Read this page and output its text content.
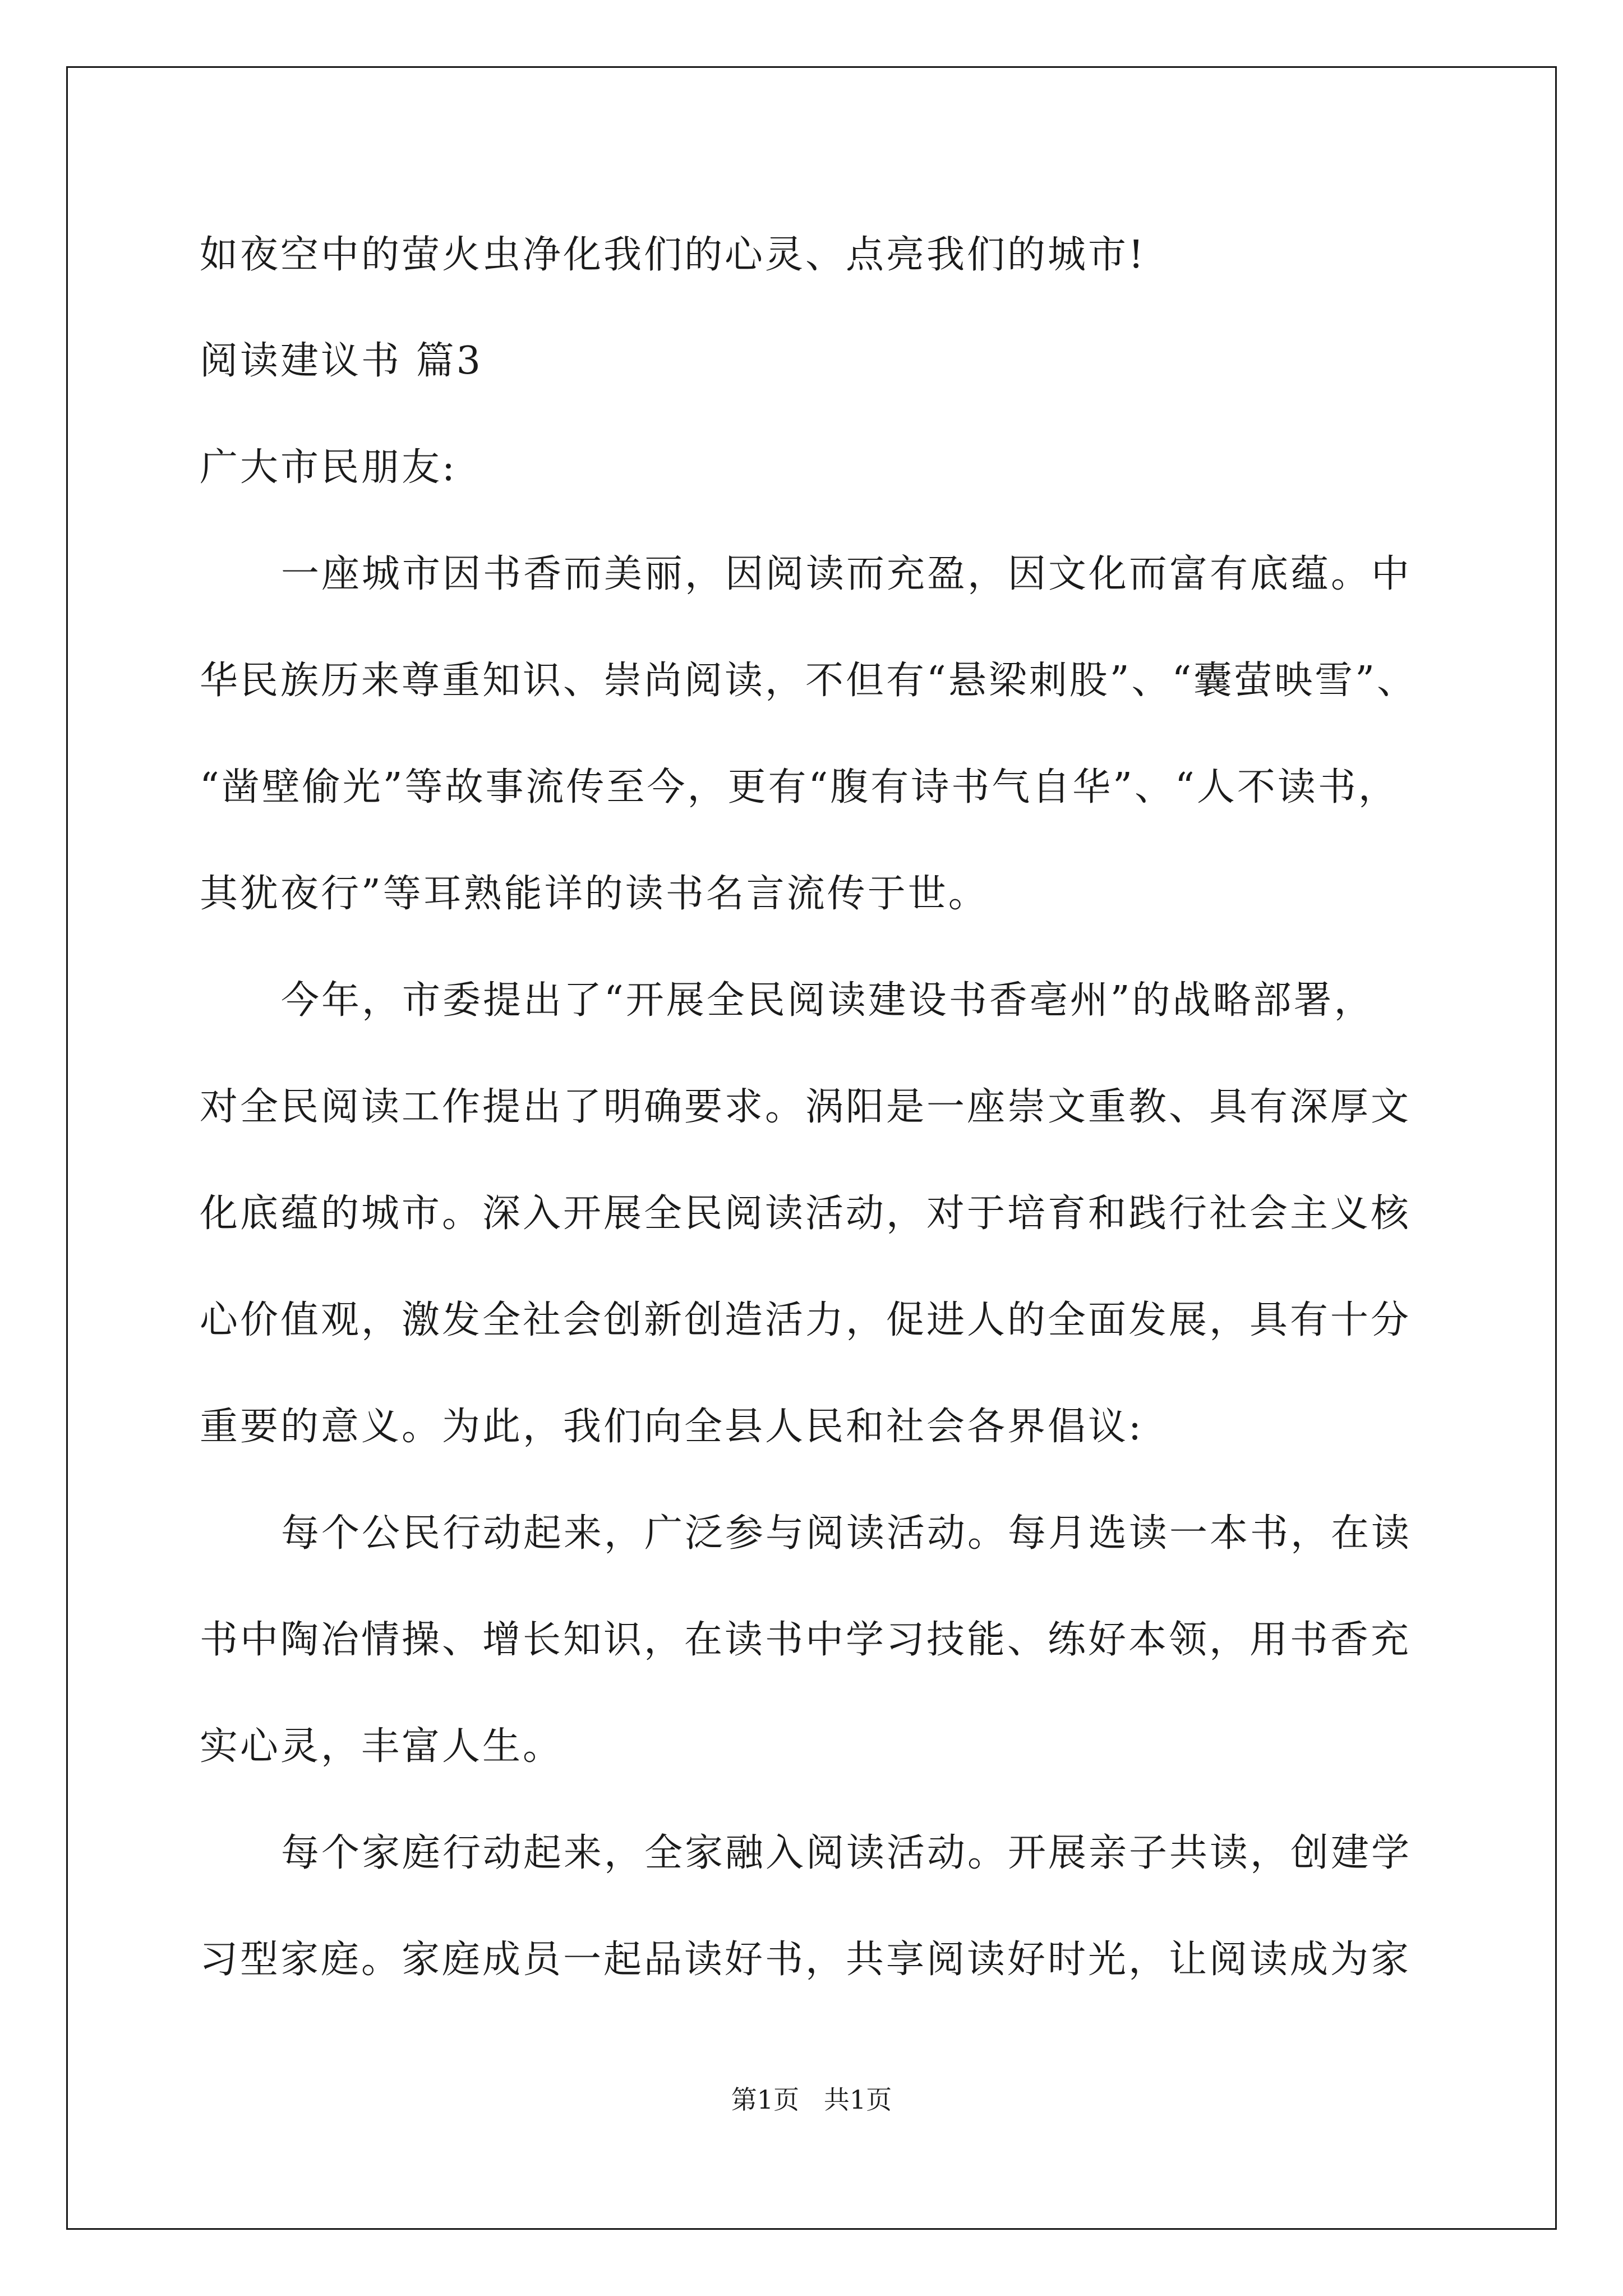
如夜空中的萤火虫净化我们的心灵、点亮我们的城市!
阅读建议书 篇3
广大市民朋友:
一座城市因书香而美丽，因阅读而充盈，因文化而富有底蕴。中
华民族历来尊重知识、崇尚阅读，不但有“悬梁刺股”、“囊萤映雪”、
“凿壁偷光”等故事流传至今，更有“腹有诗书气自华”、“人不读书，
其犹夜行”等耳熟能详的读书名言流传于世。
今年，市委提出了“开展全民阅读建设书香亳州”的战略部署，
对全民阅读工作提出了明确要求。涡阳是一座崇文重教、具有深厚文
化底蕴的城市。深入开展全民阅读活动，对于培育和践行社会主义核
心价值观，激发全社会创新创造活力，促进人的全面发展，具有十分
重要的意义。为此，我们向全县人民和社会各界倡议:
每个公民行动起来，广泛参与阅读活动。每月选读一本书，在读
书中陶冶情操、增长知识，在读书中学习技能、练好本领，用书香充
实心灵，丰富人生。
每个家庭行动起来，全家融入阅读活动。开展亲子共读，创建学
习型家庭。家庭成员一起品读好书，共享阅读好时光，让阅读成为家
第1页   共1页
